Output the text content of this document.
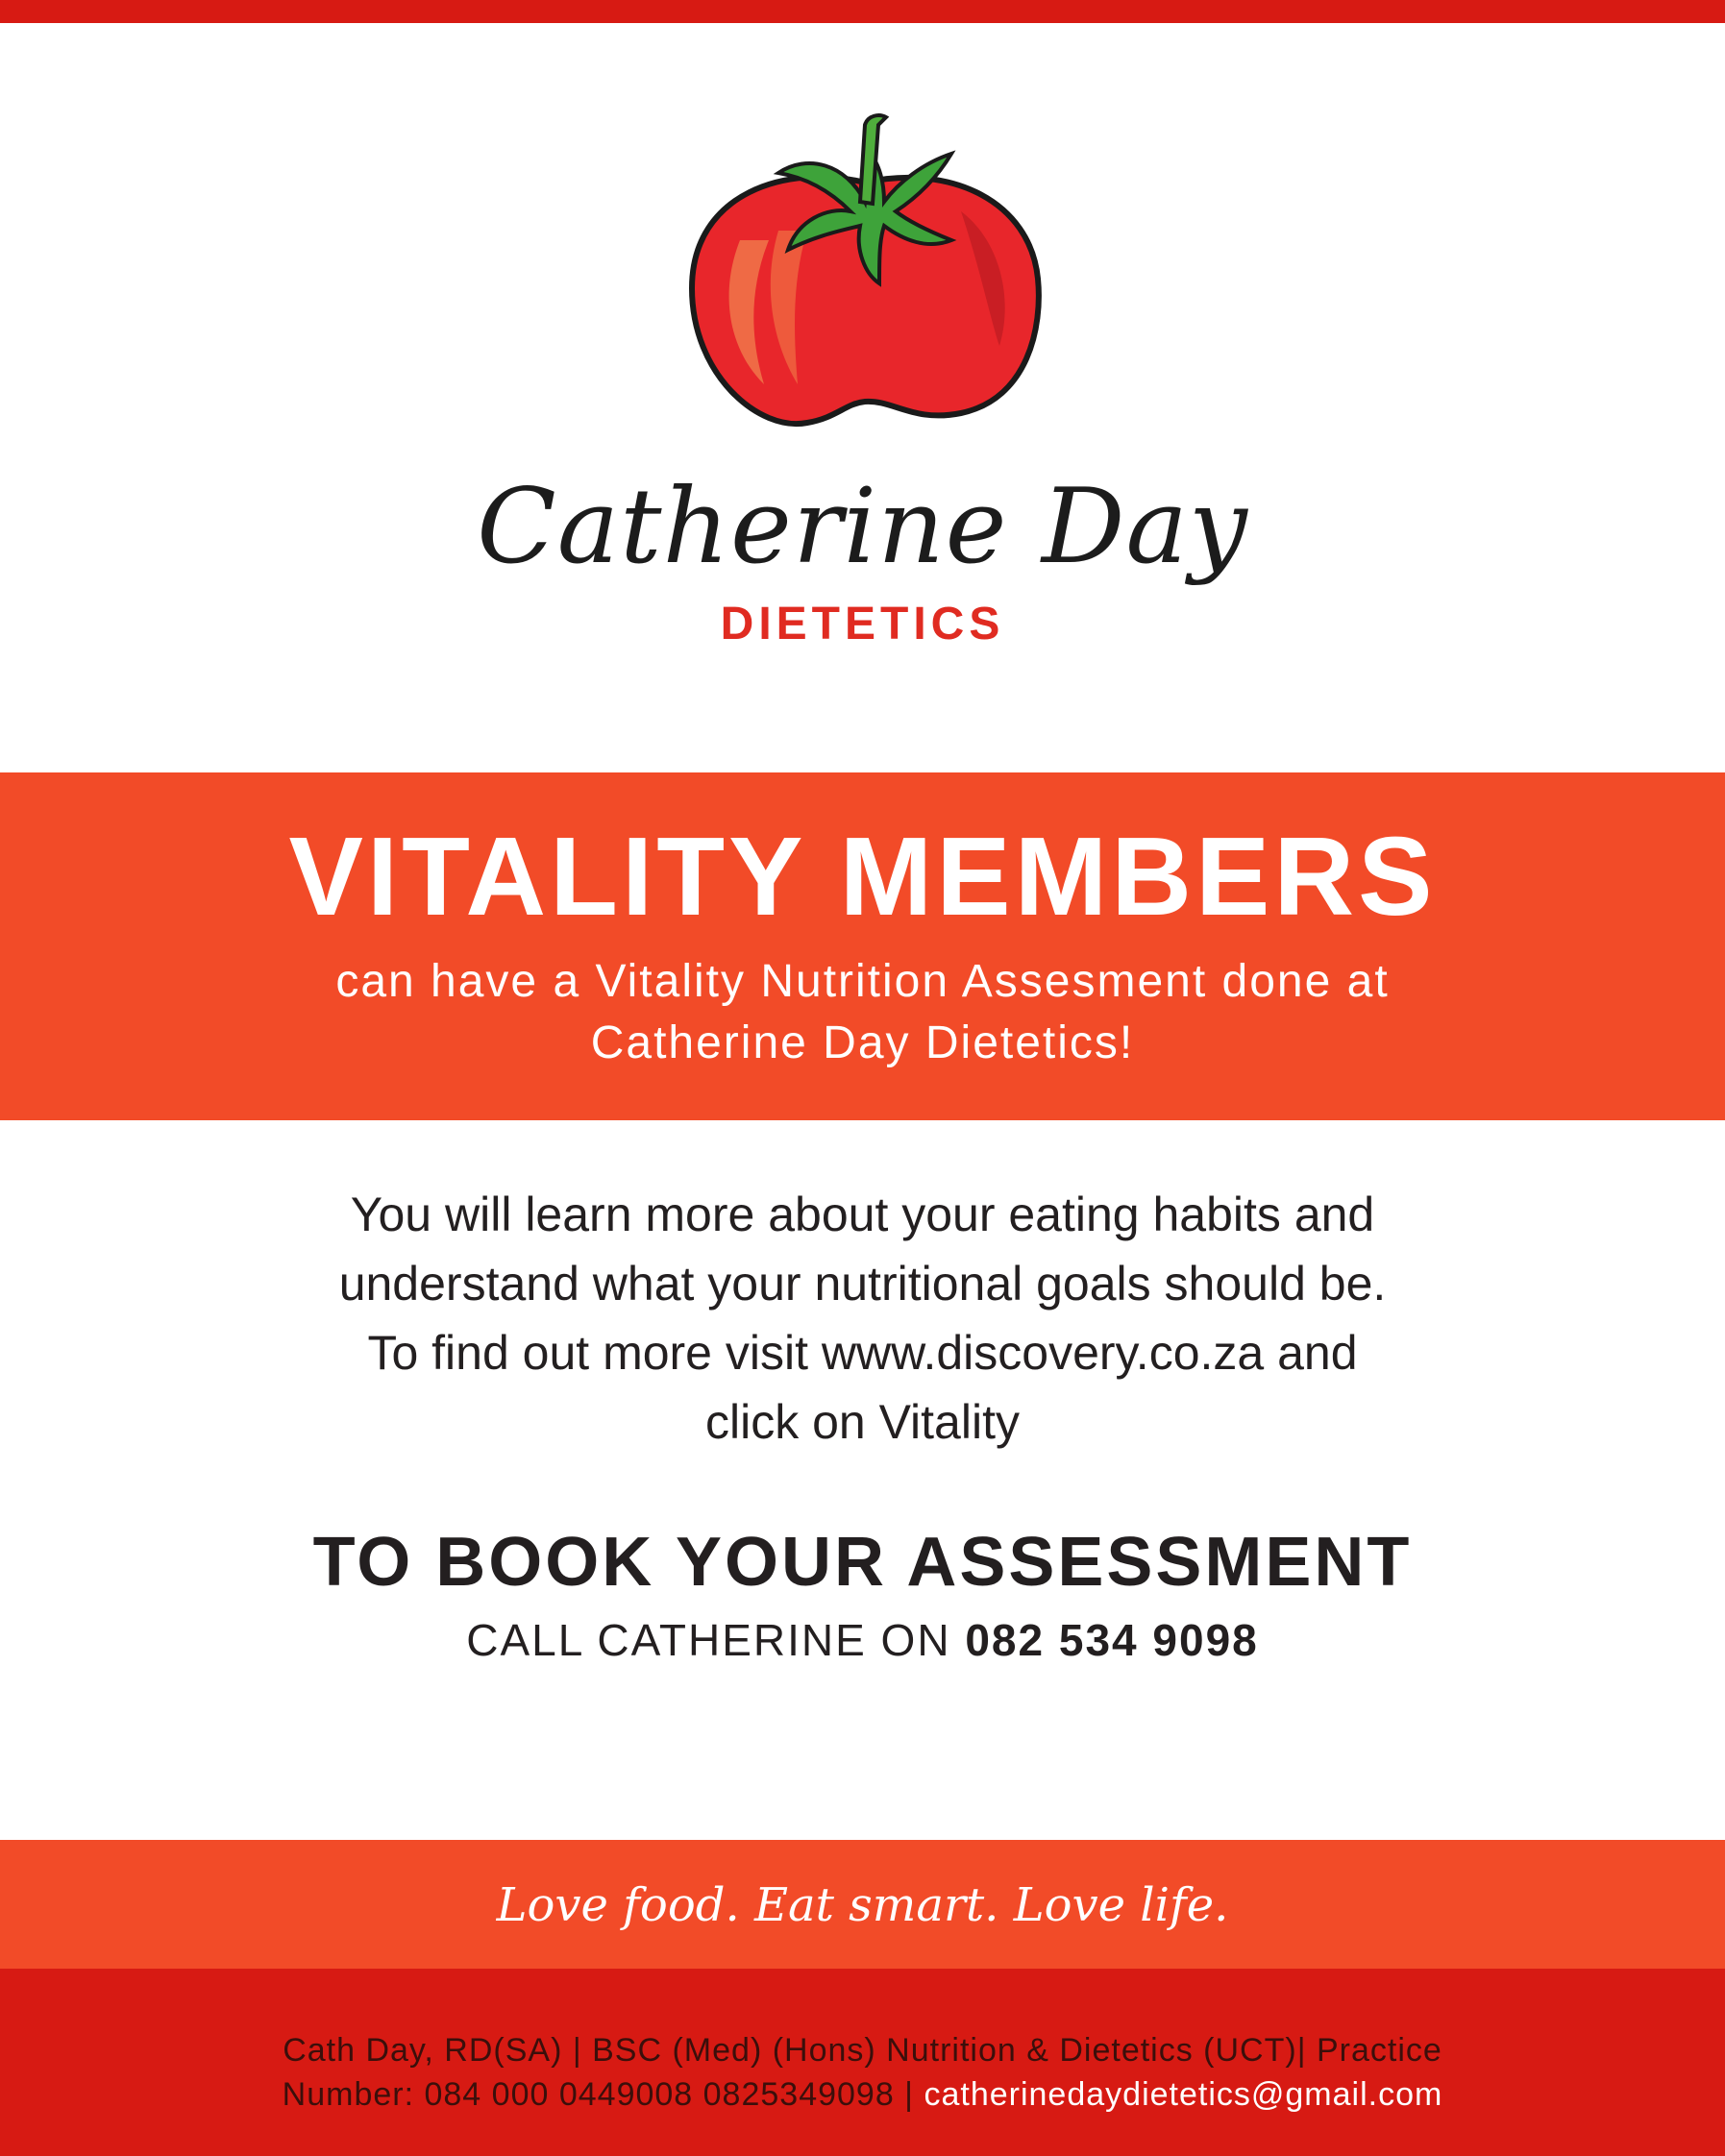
Catherine Day
DIETETICS
VITALITY MEMBERS
can have a Vitality Nutrition Assesment done at
Catherine Day Dietetics!
You will learn more about your eating habits and
understand what your nutritional goals should be.
To find out more visit www.discovery.co.za and
click on Vitality
TO BOOK YOUR ASSESSMENT
CALL CATHERINE ON 082 534 9098
Love food. Eat smart. Love life.
Cath Day, RD(SA) | BSC (Med) (Hons) Nutrition & Dietetics (UCT)| Practice
Number: 084 000 0449008 0825349098 | catherinedaydietetics@gmail.com
